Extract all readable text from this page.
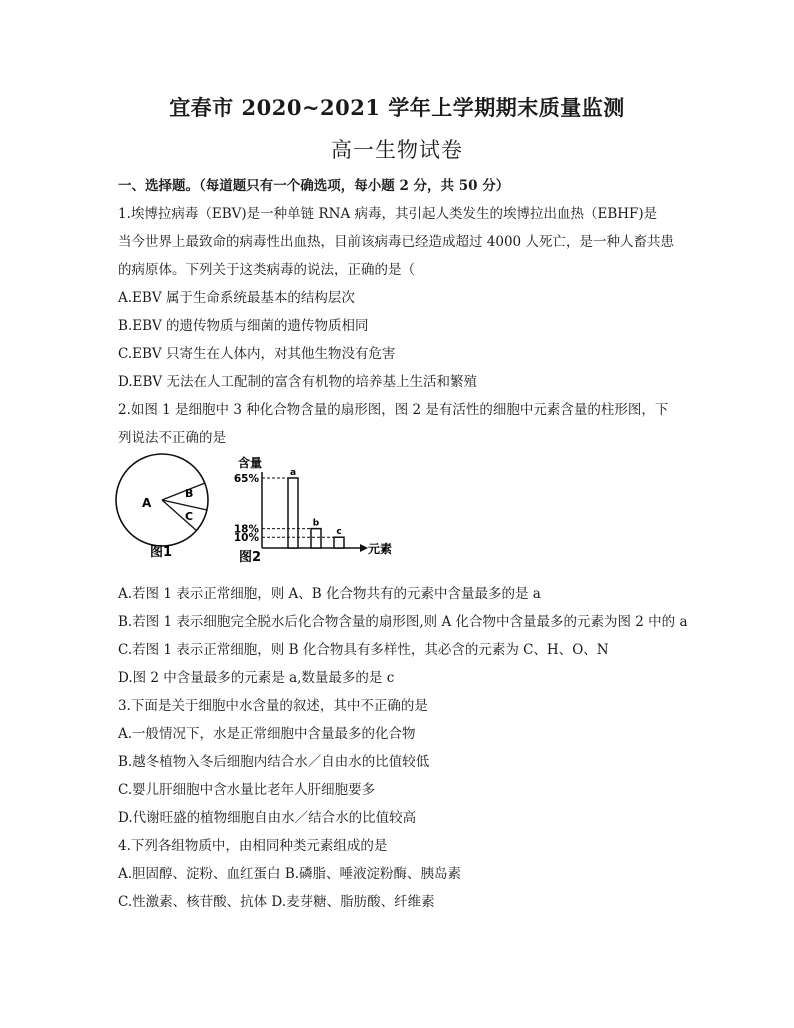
宜春市 2020~2021 学年上学期期末质量监测
高一生物试卷
一、选择题。（每道题只有一个确选项，每小题 2 分，共 50 分）
1.埃博拉病毒（EBV)是一种单链 RNA 病毒，其引起人类发生的埃博拉出血热（EBHF)是
当今世界上最致命的病毒性出血热，目前该病毒已经造成超过 4000 人死亡，是一种人畜共患
的病原体。下列关于这类病毒的说法，正确的是（
A.EBV 属于生命系统最基本的结构层次
B.EBV 的遗传物质与细菌的遗传物质相同
C.EBV 只寄生在人体内，对其他生物没有危害
D.EBV 无法在人工配制的富含有机物的培养基上生活和繁殖
2.如图 1 是细胞中 3 种化合物含量的扇形图，图 2 是有活性的细胞中元素含量的柱形图，下
列说法不正确的是
A
B
C
图1
含量
元素
图2
65%	a
18%	b
10%	c
A.若图 1 表示正常细胞，则 A、B 化合物共有的元素中含量最多的是 a
B.若图 1 表示细胞完全脱水后化合物含量的扇形图,则 A 化合物中含量最多的元素为图 2 中的 a
C.若图 1 表示正常细胞，则 B 化合物具有多样性，其必含的元素为 C、H、O、N
D.图 2 中含量最多的元素是 a,数量最多的是 c
3.下面是关于细胞中水含量的叙述，其中不正确的是
A.一般情况下，水是正常细胞中含量最多的化合物
B.越冬植物入冬后细胞内结合水／自由水的比值较低
C.婴儿肝细胞中含水量比老年人肝细胞要多
D.代谢旺盛的植物细胞自由水／结合水的比值较高
4.下列各组物质中，由相同种类元素组成的是
A.胆固醇、淀粉、血红蛋白 B.磷脂、唾液淀粉酶、胰岛素
C.性激素、核苷酸、抗体 D.麦芽糖、脂肪酸、纤维素
